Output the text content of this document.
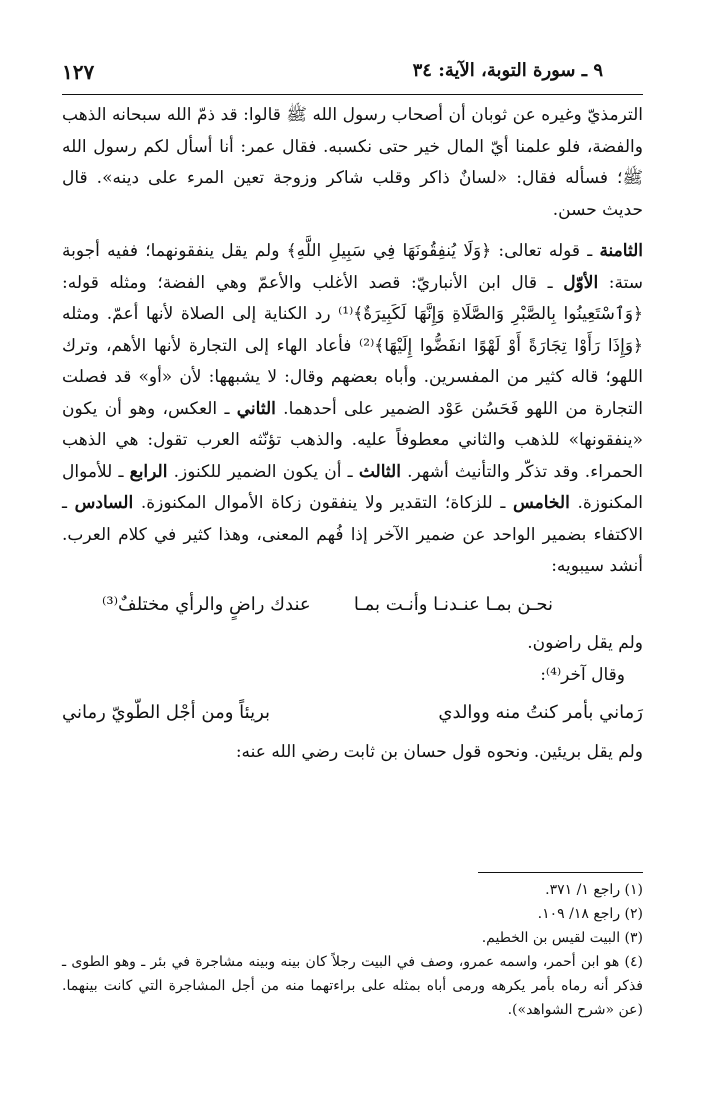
٩ ـ سورة التوبة، الآية: ٣٤
١٢٧

الترمذيّ وغيره عن ثوبان أن أصحاب رسول الله ﷺ قالوا: قد ذمّ الله سبحانه الذهب والفضة، فلو علمنا أيّ المال خير حتى نكسبه. فقال عمر: أنا أسأل لكم رسول الله ﷺ؛ فسأله فقال: «لسانٌ ذاكر وقلب شاكر وزوجة تعين المرء على دينه». قال حديث حسن.

الثامنة ـ قوله تعالى: ﴿وَلَا يُنفِقُونَهَا فِي سَبِيلِ اللَّهِ﴾ ولم يقل ينفقونهما؛ ففيه أجوبة ستة: الأوّل ـ قال ابن الأنباريّ: قصد الأغلب والأعمّ وهي الفضة؛ ومثله قوله: ﴿وَٱسْتَعِينُوا بِالصَّبْرِ وَالصَّلَاةِ وَإِنَّهَا لَكَبِيرَةٌ﴾⁽¹⁾ رد الكناية إلى الصلاة لأنها أعمّ. ومثله ﴿وَإِذَا رَأَوْا تِجَارَةً أَوْ لَهْوًا انفَضُّوا إِلَيْهَا﴾⁽²⁾ فأعاد الهاء إلى التجارة لأنها الأهم، وترك اللهو؛ قاله كثير من المفسرين. وأباه بعضهم وقال: لا يشبهها: لأن «أو» قد فصلت التجارة من اللهو فَحَسُن عَوْد الضمير على أحدهما. الثاني ـ العكس، وهو أن يكون «ينفقونها» للذهب والثاني معطوفاً عليه. والذهب تؤنّثه العرب تقول: هي الذهب الحمراء. وقد تذكّر والتأنيث أشهر. الثالث ـ أن يكون الضمير للكنوز. الرابع ـ للأموال المكنوزة. الخامس ـ للزكاة؛ التقدير ولا ينفقون زكاة الأموال المكنوزة. السادس ـ الاكتفاء بضمير الواحد عن ضمير الآخر إذا فُهم المعنى، وهذا كثير في كلام العرب. أنشد سيبويه:

نحـن بمـا عنـدنـا وأنـت بمـا
عندك راضٍ والرأي مختلفٌ⁽³⁾

ولم يقل راضون.

وقال آخر⁽⁴⁾:

رَماني بأمر كنتُ منه ووالدي
بريئاً ومن أجْل الطّويّ رماني

ولم يقل بريئين. ونحوه قول حسان بن ثابت رضي الله عنه:

(١) راجع ١/ ٣٧١.

(٢) راجع ١٨/ ١٠٩.

(٣) البيت لقيس بن الخطيم.

(٤) هو ابن أحمر، واسمه عمرو، وصف في البيت رجلاً كان بينه وبينه مشاجرة في بئر ـ وهو الطوى ـ فذكر أنه رماه بأمر يكرهه ورمى أباه بمثله على براءتهما منه من أجل المشاجرة التي كانت بينهما. (عن «شرح الشواهد»).
